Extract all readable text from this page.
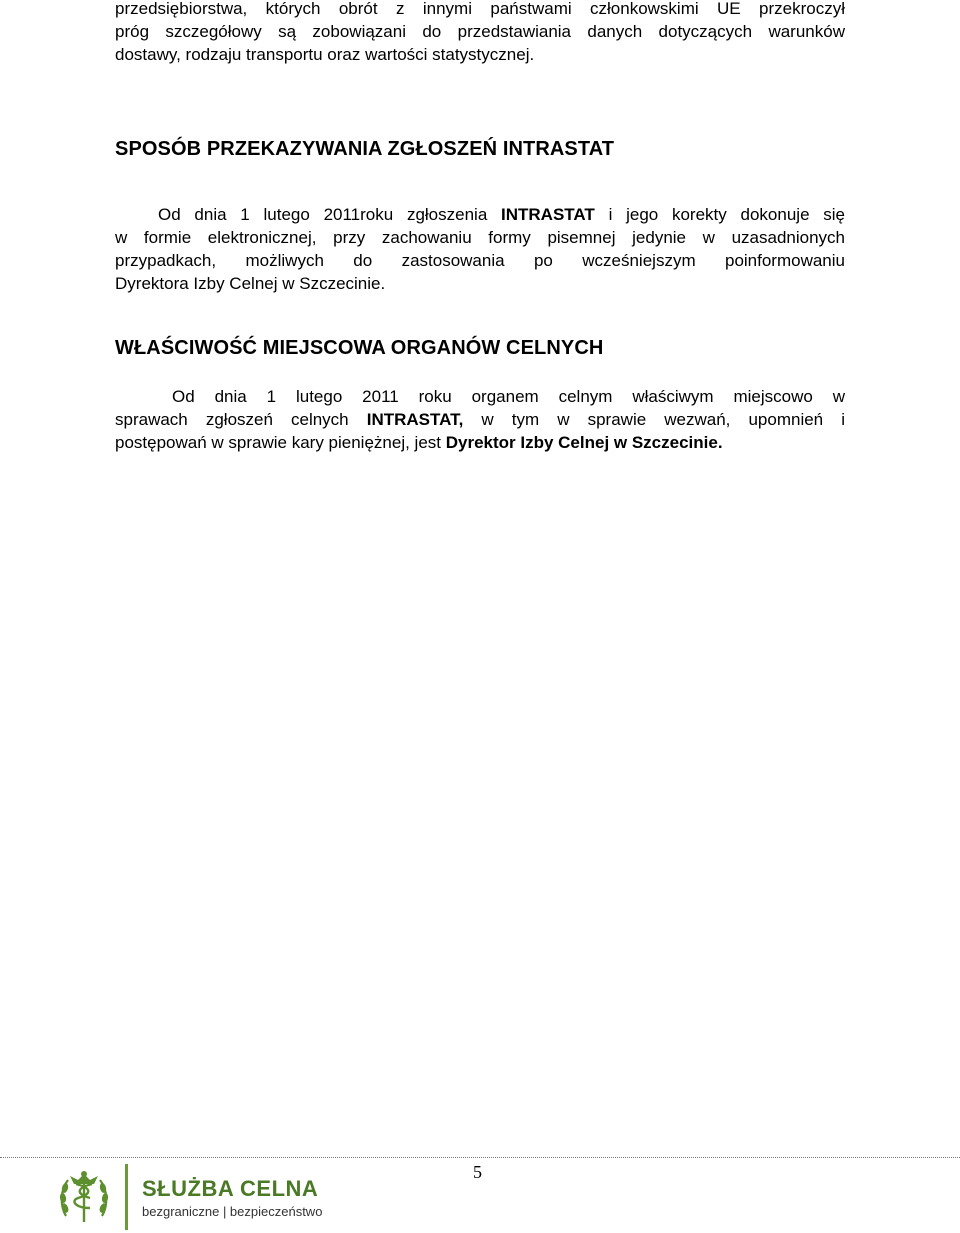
przedsiębiorstwa, których obrót z innymi państwami członkowskimi UE przekroczył
próg szczegółowy są zobowiązani do przedstawiania danych dotyczących warunków
dostawy, rodzaju transportu oraz wartości statystycznej.
SPOSÓB PRZEKAZYWANIA ZGŁOSZEŃ INTRASTAT
Od dnia 1 lutego 2011roku zgłoszenia INTRASTAT i jego korekty dokonuje się
w formie elektronicznej, przy zachowaniu formy pisemnej jedynie w uzasadnionych
przypadkach, możliwych do zastosowania po wcześniejszym poinformowaniu
Dyrektora Izby Celnej w Szczecinie.
WŁAŚCIWOŚĆ MIEJSCOWA ORGANÓW CELNYCH
Od dnia 1 lutego 2011 roku organem celnym właściwym miejscowo w
sprawach zgłoszeń celnych INTRASTAT, w tym w sprawie wezwań, upomnień i
postępowań w sprawie kary pieniężnej, jest Dyrektor Izby Celnej w Szczecinie.
5
SŁUŻBA CELNA
bezgraniczne | bezpieczeństwo
